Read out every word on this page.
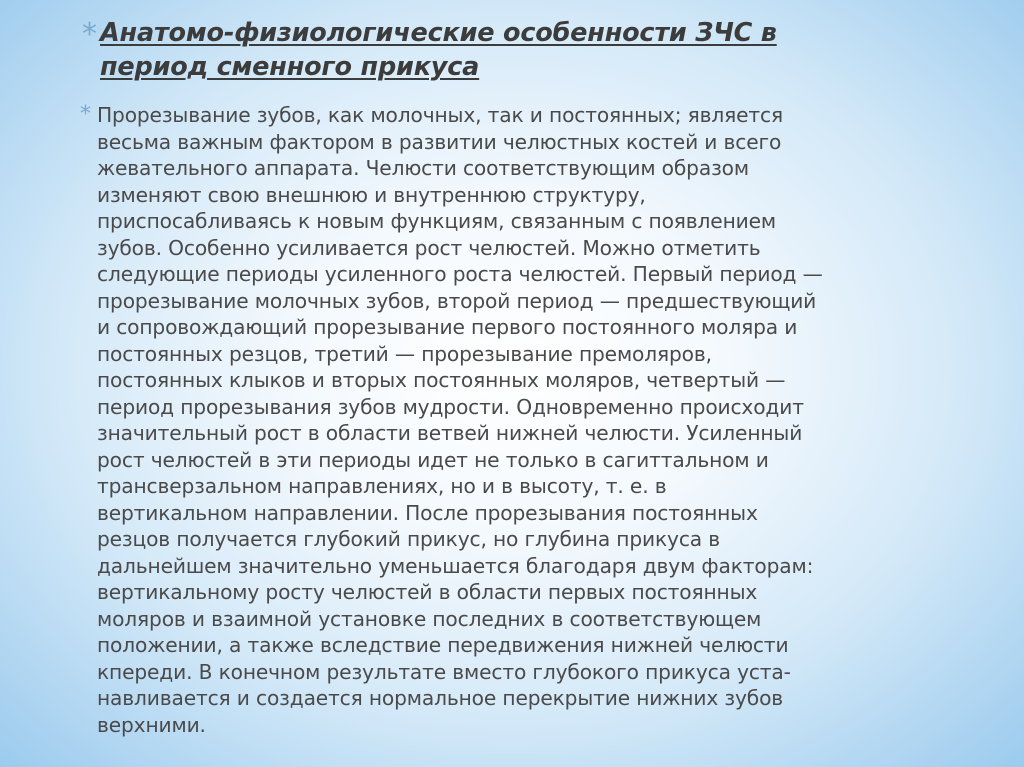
* Анатомо-физиологические особенности ЗЧС в
период сменного прикуса
* Прорезывание зубов, как молочных, так и постоянных; является
весьма важным фактором в развитии челюстных костей и всего
жевательного аппарата. Челюсти соответствующим образом
изменяют свою внешнюю и внутреннюю структуру,
приспосабливаясь к новым функциям, связанным с появлением
зубов. Особенно усиливается рост челюстей. Можно отметить
следующие периоды усиленного роста челюстей. Первый период —
прорезывание молочных зубов, второй период — предшествующий
и сопровождающий прорезывание первого постоянного моляра и
постоянных резцов, третий — прорезывание премоляров,
постоянных клыков и вторых постоянных моляров, четвертый —
период прорезывания зубов мудрости. Одновременно происходит
значительный рост в области ветвей нижней челюсти. Усиленный
рост челюстей в эти периоды идет не только в сагиттальном и
трансверзальном направлениях, но и в высоту, т. е. в
вертикальном направлении. После прорезывания постоянных
резцов получается глубокий прикус, но глубина прикуса в
дальнейшем значительно уменьшается благодаря двум факторам:
вертикальному росту челюстей в области первых постоянных
моляров и взаимной установке последних в соответствующем
положении, а также вследствие передвижения нижней челюсти
кпереди. В конечном результате вместо глубокого прикуса уста-
навливается и создается нормальное перекрытие нижних зубов
верхними.
